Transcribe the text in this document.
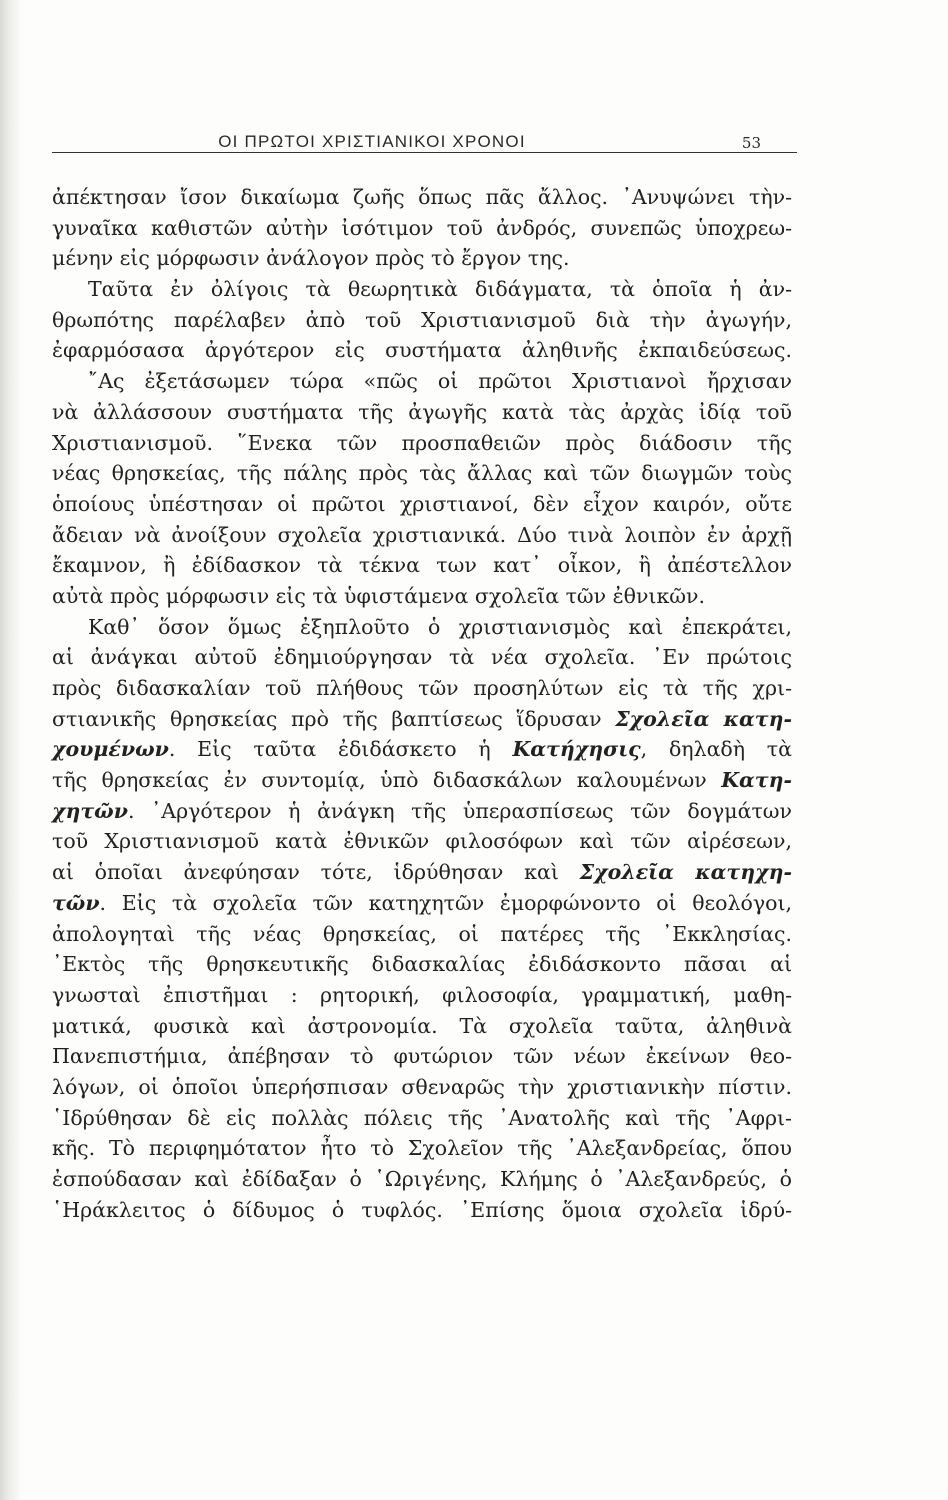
ΟΙ ΠΡΩΤΟΙ ΧΡΙΣΤΙΑΝΙΚΟΙ ΧΡΟΝΟΙ	53
ἀπέκτησαν ἴσον δικαίωμα ζωῆς ὅπως πᾶς ἄλλος. ᾿Ανυψώνει τὴν-
γυναῖκα καθιστῶν αὐτὴν ἰσότιμον τοῦ ἀνδρός, συνεπῶς ὑποχρεω-
μένην εἰς μόρφωσιν ἀνάλογον πρὸς τὸ ἔργον της.
Ταῦτα ἐν ὀλίγοις τὰ θεωρητικὰ διδάγματα, τὰ ὁποῖα ἡ ἀν-
θρωπότης παρέλαβεν ἀπὸ τοῦ Χριστιανισμοῦ διὰ τὴν ἀγωγήν,
ἐφαρμόσασα ἀργότερον εἰς συστήματα ἀληθινῆς ἐκπαιδεύσεως.
῎Ας ἐξετάσωμεν τώρα «πῶς οἱ πρῶτοι Χριστιανοὶ ἤρχισαν
νὰ ἀλλάσσουν συστήματα τῆς ἀγωγῆς κατὰ τὰς ἀρχὰς ἰδίᾳ τοῦ
Χριστιανισμοῦ. ῞Ενεκα τῶν προσπαθειῶν πρὸς διάδοσιν τῆς
νέας θρησκείας, τῆς πάλης πρὸς τὰς ἄλλας καὶ τῶν διωγμῶν τοὺς
ὁποίους ὑπέστησαν οἱ πρῶτοι χριστιανοί, δὲν εἶχον καιρόν, οὔτε
ἄδειαν νὰ ἀνοίξουν σχολεῖα χριστιανικά. Δύο τινὰ λοιπὸν ἐν ἀρχῇ
ἔκαμνον, ἢ ἐδίδασκον τὰ τέκνα των κατ᾿ οἶκον, ἢ ἀπέστελλον
αὐτὰ πρὸς μόρφωσιν εἰς τὰ ὑφιστάμενα σχολεῖα τῶν ἐθνικῶν.
Καθ᾿ ὅσον ὅμως ἐξηπλοῦτο ὁ χριστιανισμὸς καὶ ἐπεκράτει,
αἱ ἀνάγκαι αὐτοῦ ἐδημιούργησαν τὰ νέα σχολεῖα. ᾿Εν πρώτοις
πρὸς διδασκαλίαν τοῦ πλήθους τῶν προσηλύτων εἰς τὰ τῆς χρι-
στιανικῆς θρησκείας πρὸ τῆς βαπτίσεως ἵδρυσαν Σχολεῖα κατη-
χουμένων. Εἰς ταῦτα ἐδιδάσκετο ἡ Κατήχησις, δηλαδὴ τὰ
τῆς θρησκείας ἐν συντομίᾳ, ὑπὸ διδασκάλων καλουμένων Κατη-
χητῶν. ᾿Αργότερον ἡ ἀνάγκη τῆς ὑπερασπίσεως τῶν δογμάτων
τοῦ Χριστιανισμοῦ κατὰ ἐθνικῶν φιλοσόφων καὶ τῶν αἱρέσεων,
αἱ ὁποῖαι ἀνεφύησαν τότε, ἱδρύθησαν καὶ Σχολεῖα κατηχη-
τῶν. Εἰς τὰ σχολεῖα τῶν κατηχητῶν ἐμορφώνοντο οἱ θεολόγοι,
ἀπολογηταὶ τῆς νέας θρησκείας, οἱ πατέρες τῆς ᾿Εκκλησίας.
᾿Εκτὸς τῆς θρησκευτικῆς διδασκαλίας ἐδιδάσκοντο πᾶσαι αἱ
γνωσταὶ ἐπιστῆμαι : ρητορική, φιλοσοφία, γραμματική, μαθη-
ματικά, φυσικὰ καὶ ἀστρονομία. Τὰ σχολεῖα ταῦτα, ἀληθινὰ
Πανεπιστήμια, ἀπέβησαν τὸ φυτώριον τῶν νέων ἐκείνων θεο-
λόγων, οἱ ὁποῖοι ὑπερήσπισαν σθεναρῶς τὴν χριστιανικὴν πίστιν.
῾Ιδρύθησαν δὲ εἰς πολλὰς πόλεις τῆς ᾿Ανατολῆς καὶ τῆς ᾿Αφρι-
κῆς. Τὸ περιφημότατον ἦτο τὸ Σχολεῖον τῆς ᾿Αλεξανδρείας, ὅπου
ἐσπούδασαν καὶ ἐδίδαξαν ὁ ῾Ωριγένης, Κλήμης ὁ ᾿Αλεξανδρεύς, ὁ
῾Ηράκλειτος ὁ δίδυμος ὁ τυφλός. ᾿Επίσης ὅμοια σχολεῖα ἱδρύ-
